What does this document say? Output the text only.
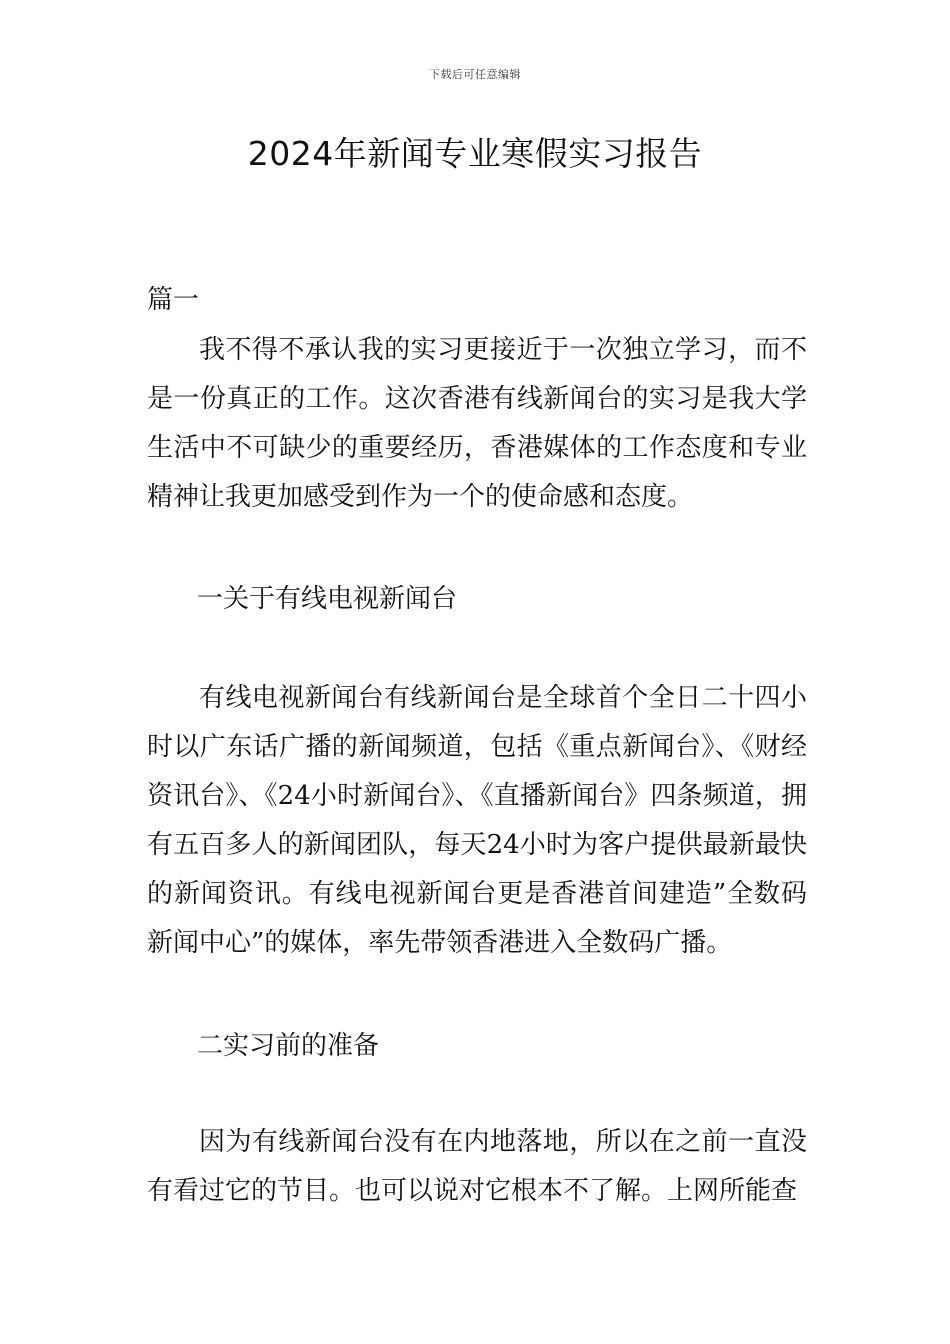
下载后可任意编辑
2024年新闻专业寒假实习报告
篇一

我不得不承认我的实习更接近于一次独立学习，而不是一份真正的工作。这次香港有线新闻台的实习是我大学生活中不可缺少的重要经历，香港媒体的工作态度和专业精神让我更加感受到作为一个的使命感和态度。

一关于有线电视新闻台

有线电视新闻台有线新闻台是全球首个全日二十四小时以广东话广播的新闻频道，包括《重点新闻台》、《财经资讯台》、《24小时新闻台》、《直播新闻台》四条频道，拥有五百多人的新闻团队，每天24小时为客户提供最新最快的新闻资讯。有线电视新闻台更是香港首间建造”全数码新闻中心”的媒体，率先带领香港进入全数码广播。

二实习前的准备

因为有线新闻台没有在内地落地，所以在之前一直没有看过它的节目。也可以说对它根本不了解。上网所能查
